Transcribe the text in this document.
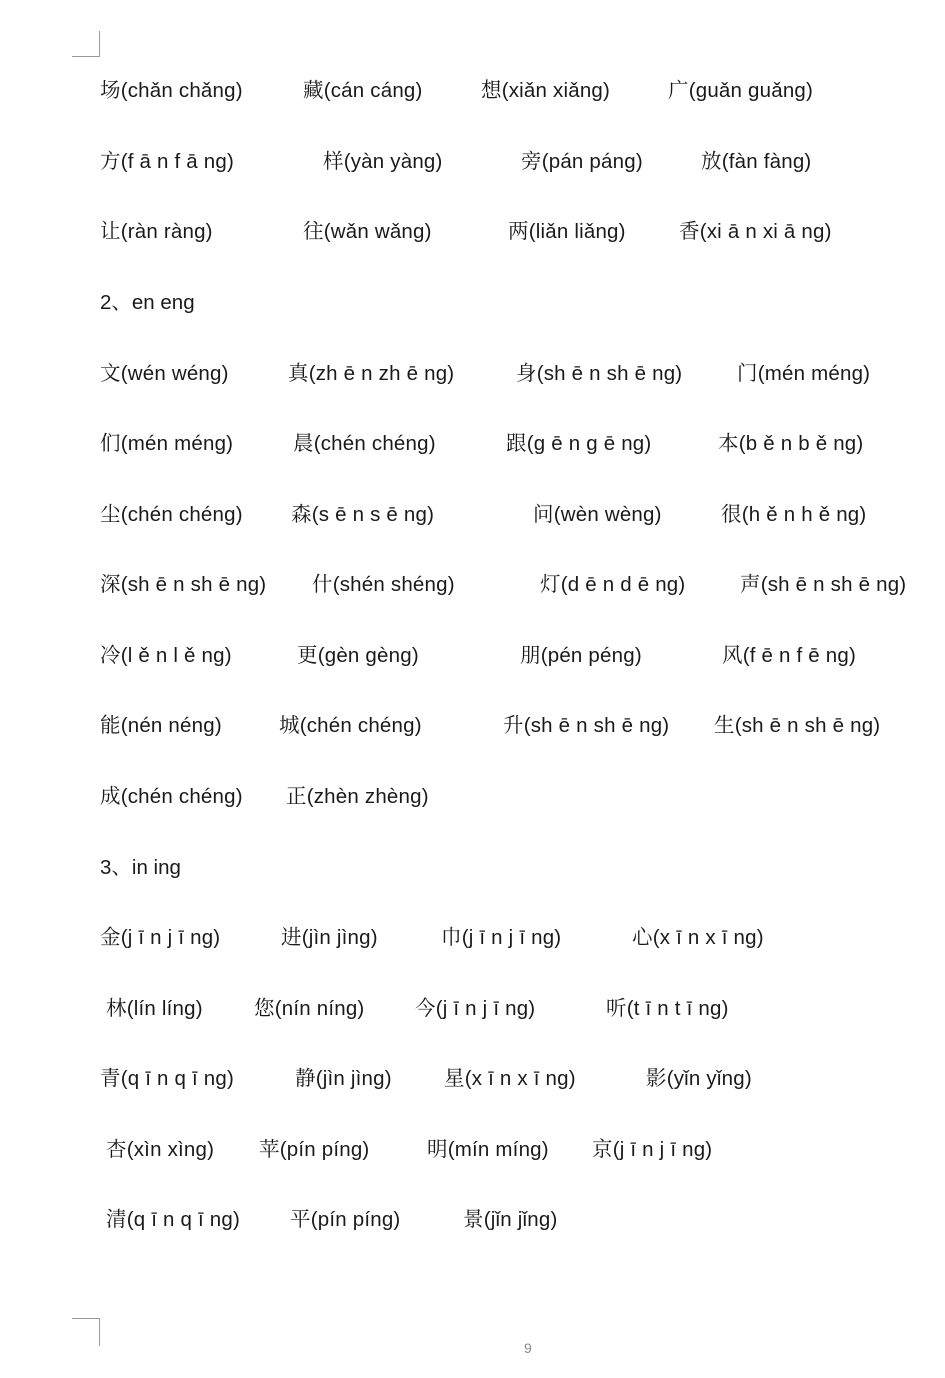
场(chǎn chǎng)	藏(cán cáng)	想(xiǎn xiǎng)	广(guǎn guǎng)
方(f ā n f ā ng)	样(yàn yàng)	旁(pán páng)	放(fàn fàng)
让(ràn ràng)	往(wǎn wǎng)	两(liǎn liǎng)	香(xi ā n xi ā ng)
2、en eng
文(wén wéng)	真(zh ē n zh ē ng)	身(sh ē n sh ē ng)	门(mén méng)
们(mén méng)	晨(chén chéng)	跟(g ē n g ē ng)	本(b ě n b ě ng)
尘(chén chéng) 森(s ē n s ē ng)	问(wèn wèng)	很(h ě n h ě ng)
深(sh ē n sh ē ng) 什(shén shéng)	灯(d ē n d ē ng)	声(sh ē n sh ē ng)
冷(l ě n l ě ng)	更(gèn gèng)	朋(pén péng)	风(f ē n f ē ng)
能(nén néng)	城(chén chéng)	升(sh ē n sh ē ng) 生(sh ē n sh ē ng)
成(chén chéng) 正(zhèn zhèng)
3、in ing
金(j ī n j ī ng)	进(jìn jìng)	巾(j ī n j ī ng)	心(x ī n x ī ng)
林(lín líng) 您(nín níng) 今(j ī n j ī ng)	听(t ī n t ī ng)
青(q ī n q ī ng)	静(jìn jìng)	星(x ī n x ī ng)	影(yǐn yǐng)
杏(xìn xìng) 苹(pín píng)	明(mín míng) 京(j ī n j ī ng)
清(q ī n q ī ng) 平(pín píng)	景(jǐn jǐng)
9
